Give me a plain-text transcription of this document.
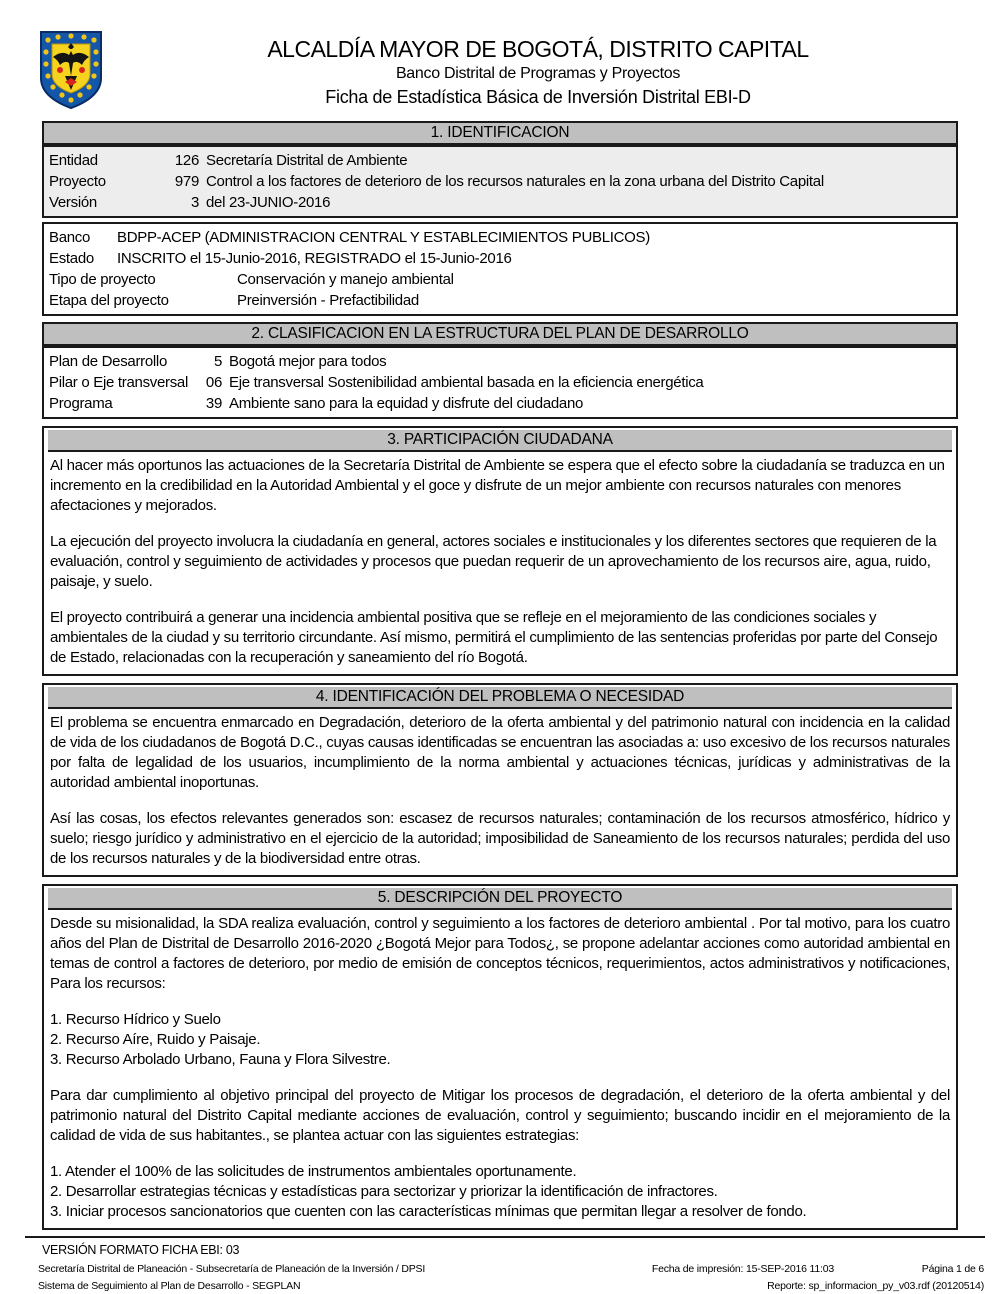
ALCALDÍA MAYOR DE BOGOTÁ, DISTRITO CAPITAL
Banco Distrital de Programas y Proyectos
Ficha de Estadística Básica de Inversión Distrital EBI-D
1. IDENTIFICACION
Entidad	126 Secretaría Distrital de Ambiente
Proyecto	979 Control a los factores de deterioro de los recursos naturales en la zona urbana del Distrito Capital
Versión	3 del 23-JUNIO-2016
Banco	BDPP-ACEP (ADMINISTRACION CENTRAL Y ESTABLECIMIENTOS PUBLICOS)
Estado	INSCRITO el 15-Junio-2016, REGISTRADO el 15-Junio-2016
Tipo de proyecto	Conservación y manejo ambiental
Etapa del proyecto	Preinversión - Prefactibilidad
2. CLASIFICACION EN LA ESTRUCTURA DEL PLAN DE DESARROLLO
Plan de Desarrollo	5 Bogotá mejor para todos
Pilar o Eje transversal	06 Eje transversal Sostenibilidad ambiental basada en la eficiencia energética
Programa	39 Ambiente sano para la equidad y disfrute del ciudadano
3. PARTICIPACIÓN CIUDADANA

Al hacer más oportunos las actuaciones de la Secretaría Distrital de Ambiente se espera que el efecto sobre la ciudadanía se traduzca en un incremento en la credibilidad en la Autoridad Ambiental y el goce y disfrute de un mejor ambiente con recursos naturales con menores afectaciones y mejorados.

La ejecución del proyecto involucra la ciudadanía en general, actores sociales e institucionales y los diferentes sectores que requieren de la evaluación, control y seguimiento de actividades y procesos que puedan requerir de un aprovechamiento de los recursos aire, agua, ruido, paisaje, y suelo.

El proyecto contribuirá a generar una incidencia ambiental positiva que se refleje en el mejoramiento de las condiciones sociales y ambientales de la ciudad y su territorio circundante. Así mismo, permitirá el cumplimiento de las sentencias proferidas por parte del Consejo de Estado, relacionadas con la recuperación y saneamiento del río Bogotá.

4. IDENTIFICACIÓN DEL PROBLEMA O NECESIDAD

El problema se encuentra enmarcado en Degradación, deterioro de la oferta ambiental y del patrimonio natural con incidencia en la calidad de vida de los ciudadanos de Bogotá D.C., cuyas causas identificadas se encuentran las asociadas a: uso excesivo de los recursos naturales por falta de legalidad de los usuarios, incumplimiento de la norma ambiental y actuaciones técnicas, jurídicas y administrativas de la autoridad ambiental inoportunas.

Así las cosas, los efectos relevantes generados son: escasez de recursos naturales; contaminación de los recursos atmosférico, hídrico y suelo; riesgo jurídico y administrativo en el ejercicio de la autoridad; imposibilidad de Saneamiento de los recursos naturales; perdida del uso de los recursos naturales y de la biodiversidad entre otras.

5. DESCRIPCIÓN DEL PROYECTO

Desde su misionalidad, la SDA realiza evaluación, control y seguimiento a los factores de deterioro ambiental . Por tal motivo, para los cuatro años del Plan de Distrital de Desarrollo 2016-2020 ¿Bogotá Mejor para Todos¿, se propone adelantar acciones como autoridad ambiental en temas de control a factores de deterioro, por medio de emisión de conceptos técnicos, requerimientos, actos administrativos y notificaciones, Para los recursos:

1. Recurso Hídrico y Suelo

2. Recurso Aíre, Ruido y Paisaje.

3. Recurso Arbolado Urbano, Fauna y Flora Silvestre.

Para dar cumplimiento al objetivo principal del proyecto de Mitigar los procesos de degradación, el deterioro de la oferta ambiental y del patrimonio natural del Distrito Capital mediante acciones de evaluación, control y seguimiento; buscando incidir en el mejoramiento de la calidad de vida de sus habitantes., se plantea actuar con las siguientes estrategias:

1. Atender el 100% de las solicitudes de instrumentos ambientales oportunamente.

2. Desarrollar estrategias técnicas y estadísticas para sectorizar y priorizar la identificación de infractores.

3. Iniciar procesos sancionatorios que cuenten con las características mínimas que permitan llegar a resolver de fondo.

VERSIÓN FORMATO FICHA EBI: 03
Secretaría Distrital de Planeación - Subsecretaría de Planeación de la Inversión / DPSI	Fecha de impresión: 15-SEP-2016 11:03	Página 1 de 6
Sistema de Seguimiento al Plan de Desarrollo - SEGPLAN	Reporte: sp_informacion_py_v03.rdf (20120514)
